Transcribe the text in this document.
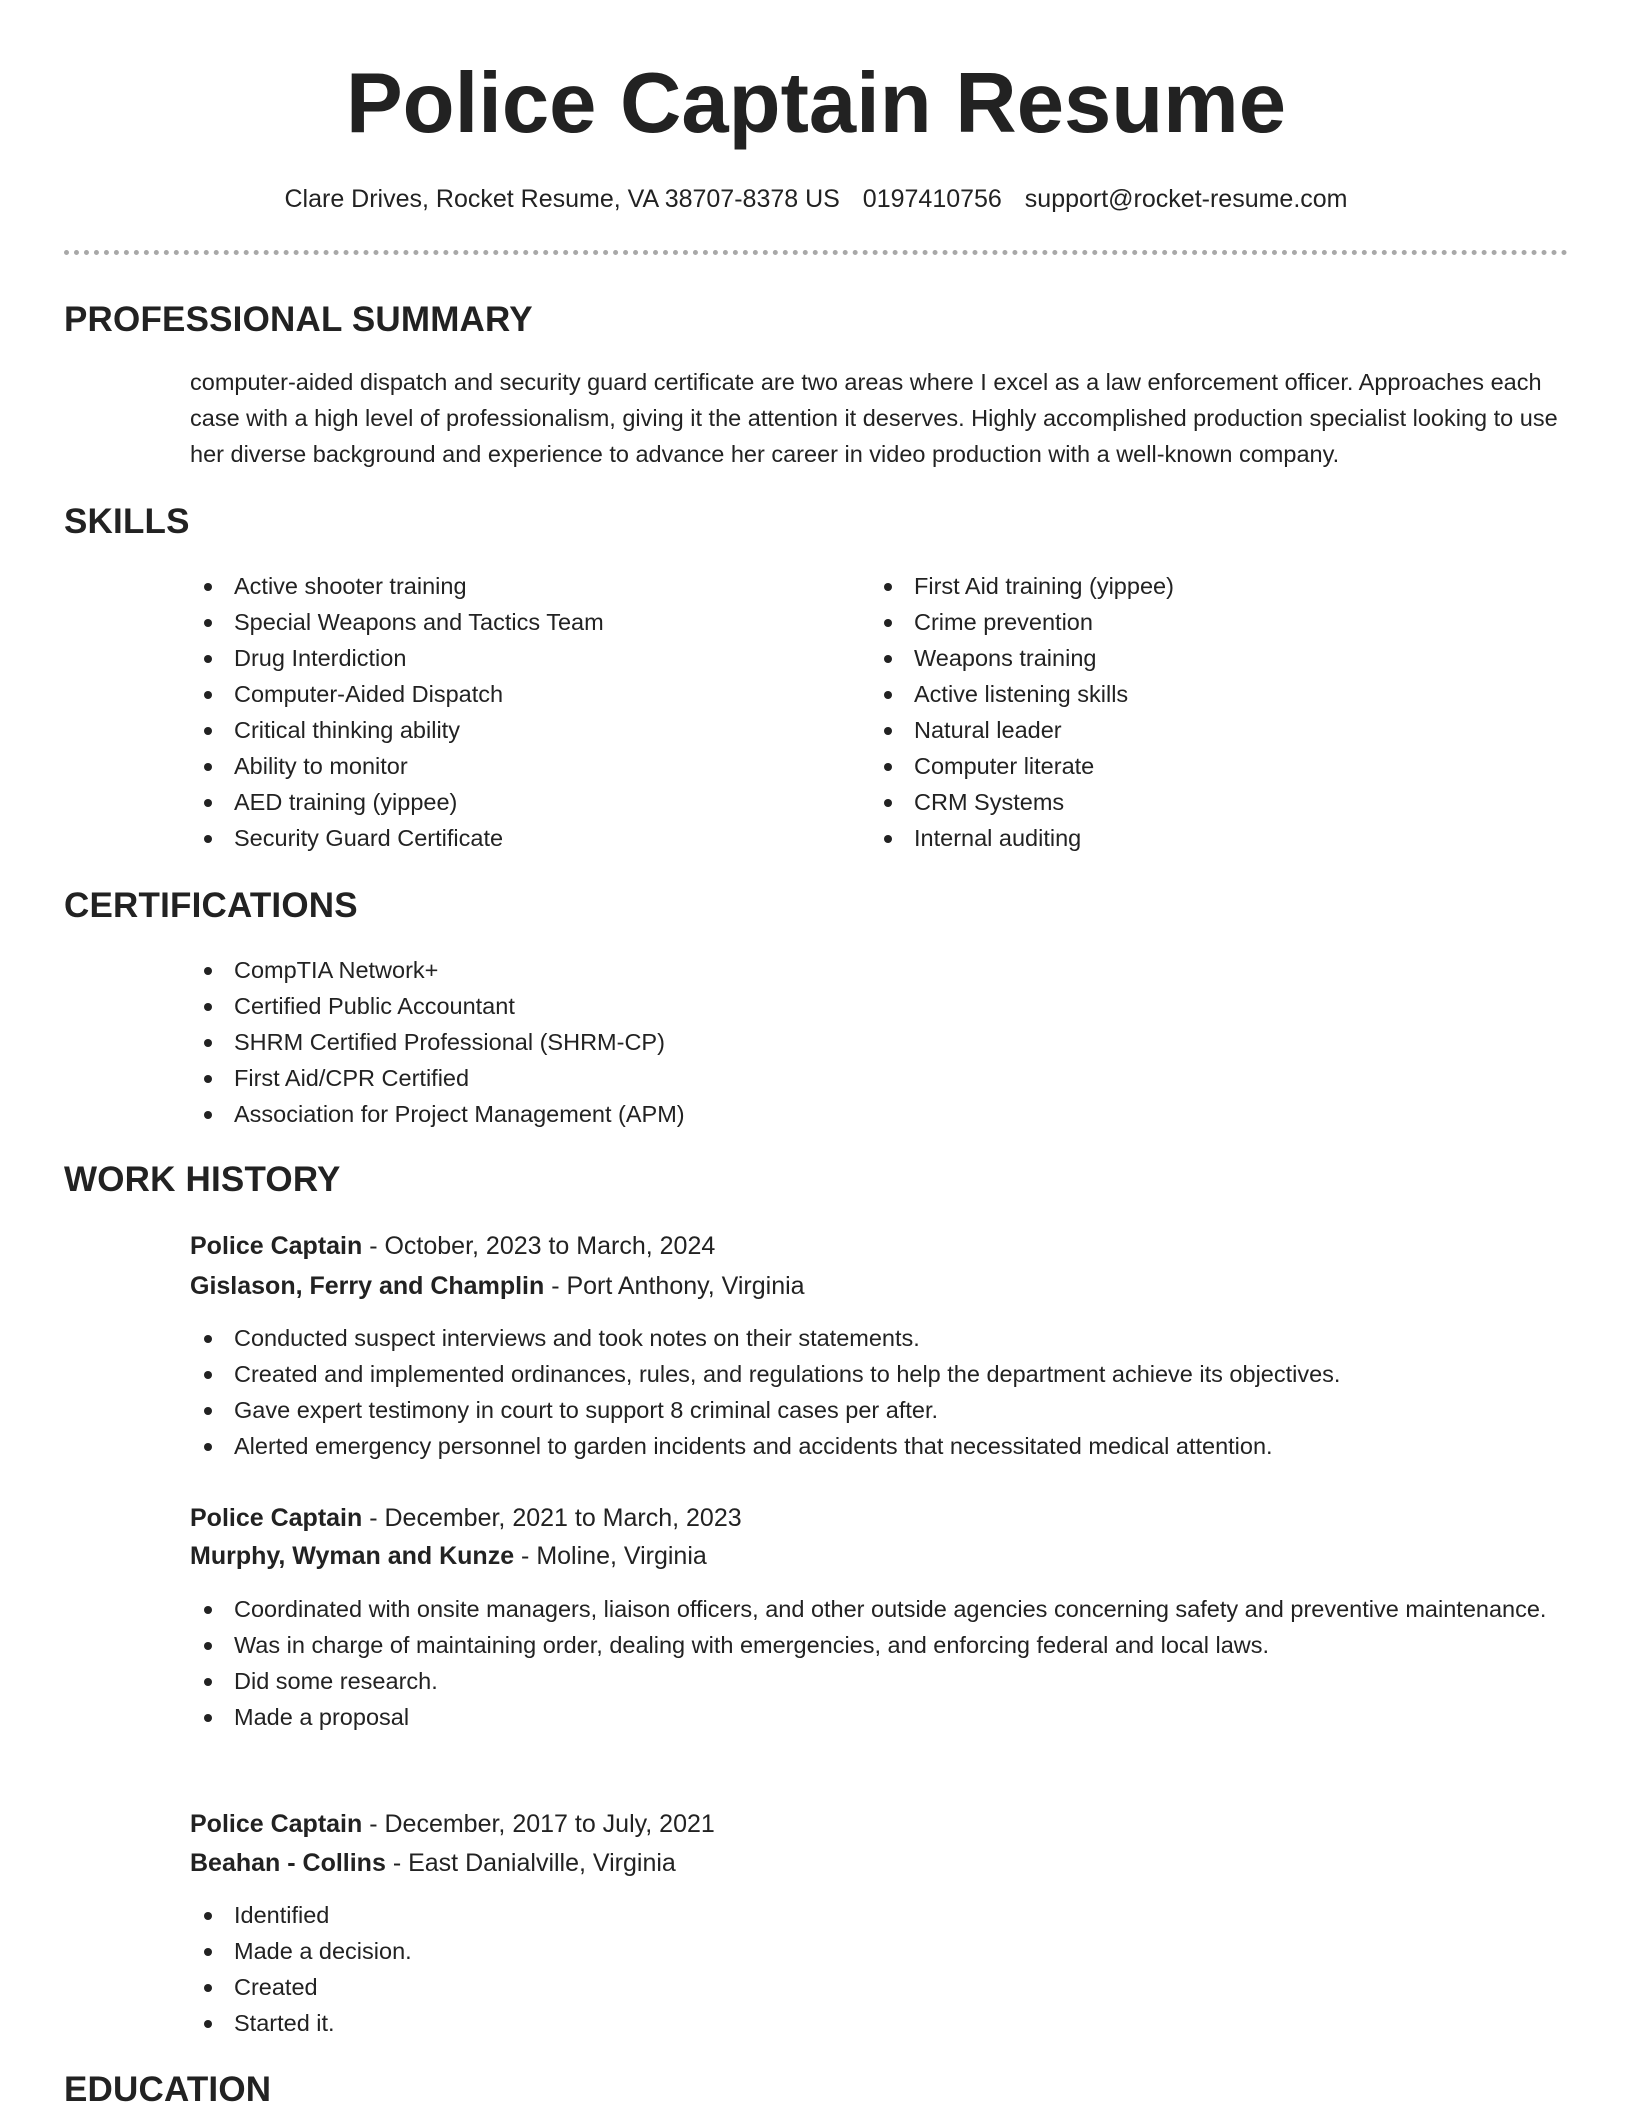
Police Captain Resume
Clare Drives, Rocket Resume, VA 38707-8378 US 0197410756 support@rocket-resume.com
PROFESSIONAL SUMMARY

computer-aided dispatch and security guard certificate are two areas where I excel as a law enforcement officer. Approaches each case with a high level of professionalism, giving it the attention it deserves. Highly accomplished production specialist looking to use her diverse background and experience to advance her career in video production with a well-known company.

SKILLS
Active shooter training
Special Weapons and Tactics Team
Drug Interdiction
Computer-Aided Dispatch
Critical thinking ability
Ability to monitor
AED training (yippee)
Security Guard Certificate
First Aid training (yippee)
Crime prevention
Weapons training
Active listening skills
Natural leader
Computer literate
CRM Systems
Internal auditing
CERTIFICATIONS
CompTIA Network+
Certified Public Accountant
SHRM Certified Professional (SHRM-CP)
First Aid/CPR Certified
Association for Project Management (APM)
WORK HISTORY
Police Captain - October, 2023 to March, 2024
Gislason, Ferry and Champlin - Port Anthony, Virginia
Conducted suspect interviews and took notes on their statements.
Created and implemented ordinances, rules, and regulations to help the department achieve its objectives.
Gave expert testimony in court to support 8 criminal cases per after.
Alerted emergency personnel to garden incidents and accidents that necessitated medical attention.
Police Captain - December, 2021 to March, 2023
Murphy, Wyman and Kunze - Moline, Virginia
Coordinated with onsite managers, liaison officers, and other outside agencies concerning safety and preventive maintenance.
Was in charge of maintaining order, dealing with emergencies, and enforcing federal and local laws.
Did some research.
Made a proposal
Police Captain - December, 2017 to July, 2021
Beahan - Collins - East Danialville, Virginia
Identified
Made a decision.
Created
Started it.
EDUCATION
